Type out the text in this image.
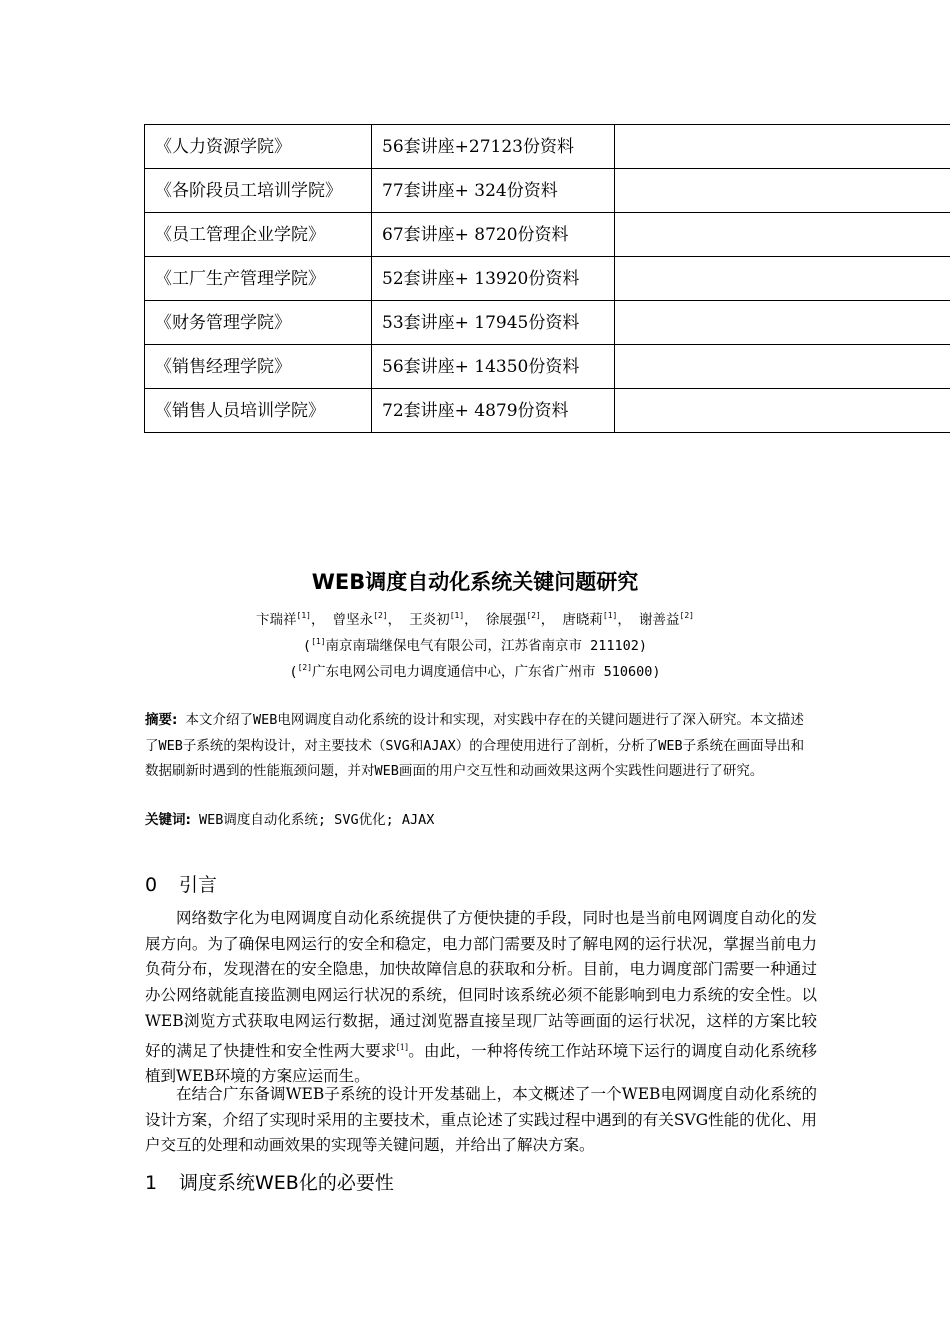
《人力资源学院》	56套讲座+27123份资料	
《各阶段员工培训学院》	77套讲座+ 324份资料	
《员工管理企业学院》	67套讲座+ 8720份资料	
《工厂生产管理学院》	52套讲座+ 13920份资料	
《财务管理学院》	53套讲座+ 17945份资料	
《销售经理学院》	56套讲座+ 14350份资料	
《销售人员培训学院》	72套讲座+ 4879份资料	
WEB调度自动化系统关键问题研究
卞瑞祥[1]， 曾坚永[2]， 王炎初[1]， 徐展强[2]， 唐晓莉[1]， 谢善益[2]
([1]南京南瑞继保电气有限公司，江苏省南京市 211102)
([2]广东电网公司电力调度通信中心，广东省广州市 510600)
摘要: 本文介绍了WEB电网调度自动化系统的设计和实现，对实践中存在的关键问题进行了深入研究。本文描述了WEB子系统的架构设计，对主要技术（SVG和AJAX）的合理使用进行了剖析，分析了WEB子系统在画面导出和数据刷新时遇到的性能瓶颈问题，并对WEB画面的用户交互性和动画效果这两个实践性问题进行了研究。
关键词: WEB调度自动化系统; SVG优化; AJAX
0 引言
网络数字化为电网调度自动化系统提供了方便快捷的手段，同时也是当前电网调度自动化的发展方向。为了确保电网运行的安全和稳定，电力部门需要及时了解电网的运行状况，掌握当前电力负荷分布，发现潜在的安全隐患，加快故障信息的获取和分析。目前，电力调度部门需要一种通过办公网络就能直接监测电网运行状况的系统，但同时该系统必须不能影响到电力系统的安全性。以WEB浏览方式获取电网运行数据，通过浏览器直接呈现厂站等画面的运行状况，这样的方案比较好的满足了快捷性和安全性两大要求[1]。由此，一种将传统工作站环境下运行的调度自动化系统移植到WEB环境的方案应运而生。
在结合广东备调WEB子系统的设计开发基础上，本文概述了一个WEB电网调度自动化系统的设计方案，介绍了实现时采用的主要技术，重点论述了实践过程中遇到的有关SVG性能的优化、用户交互的处理和动画效果的实现等关键问题，并给出了解决方案。
1 调度系统WEB化的必要性
